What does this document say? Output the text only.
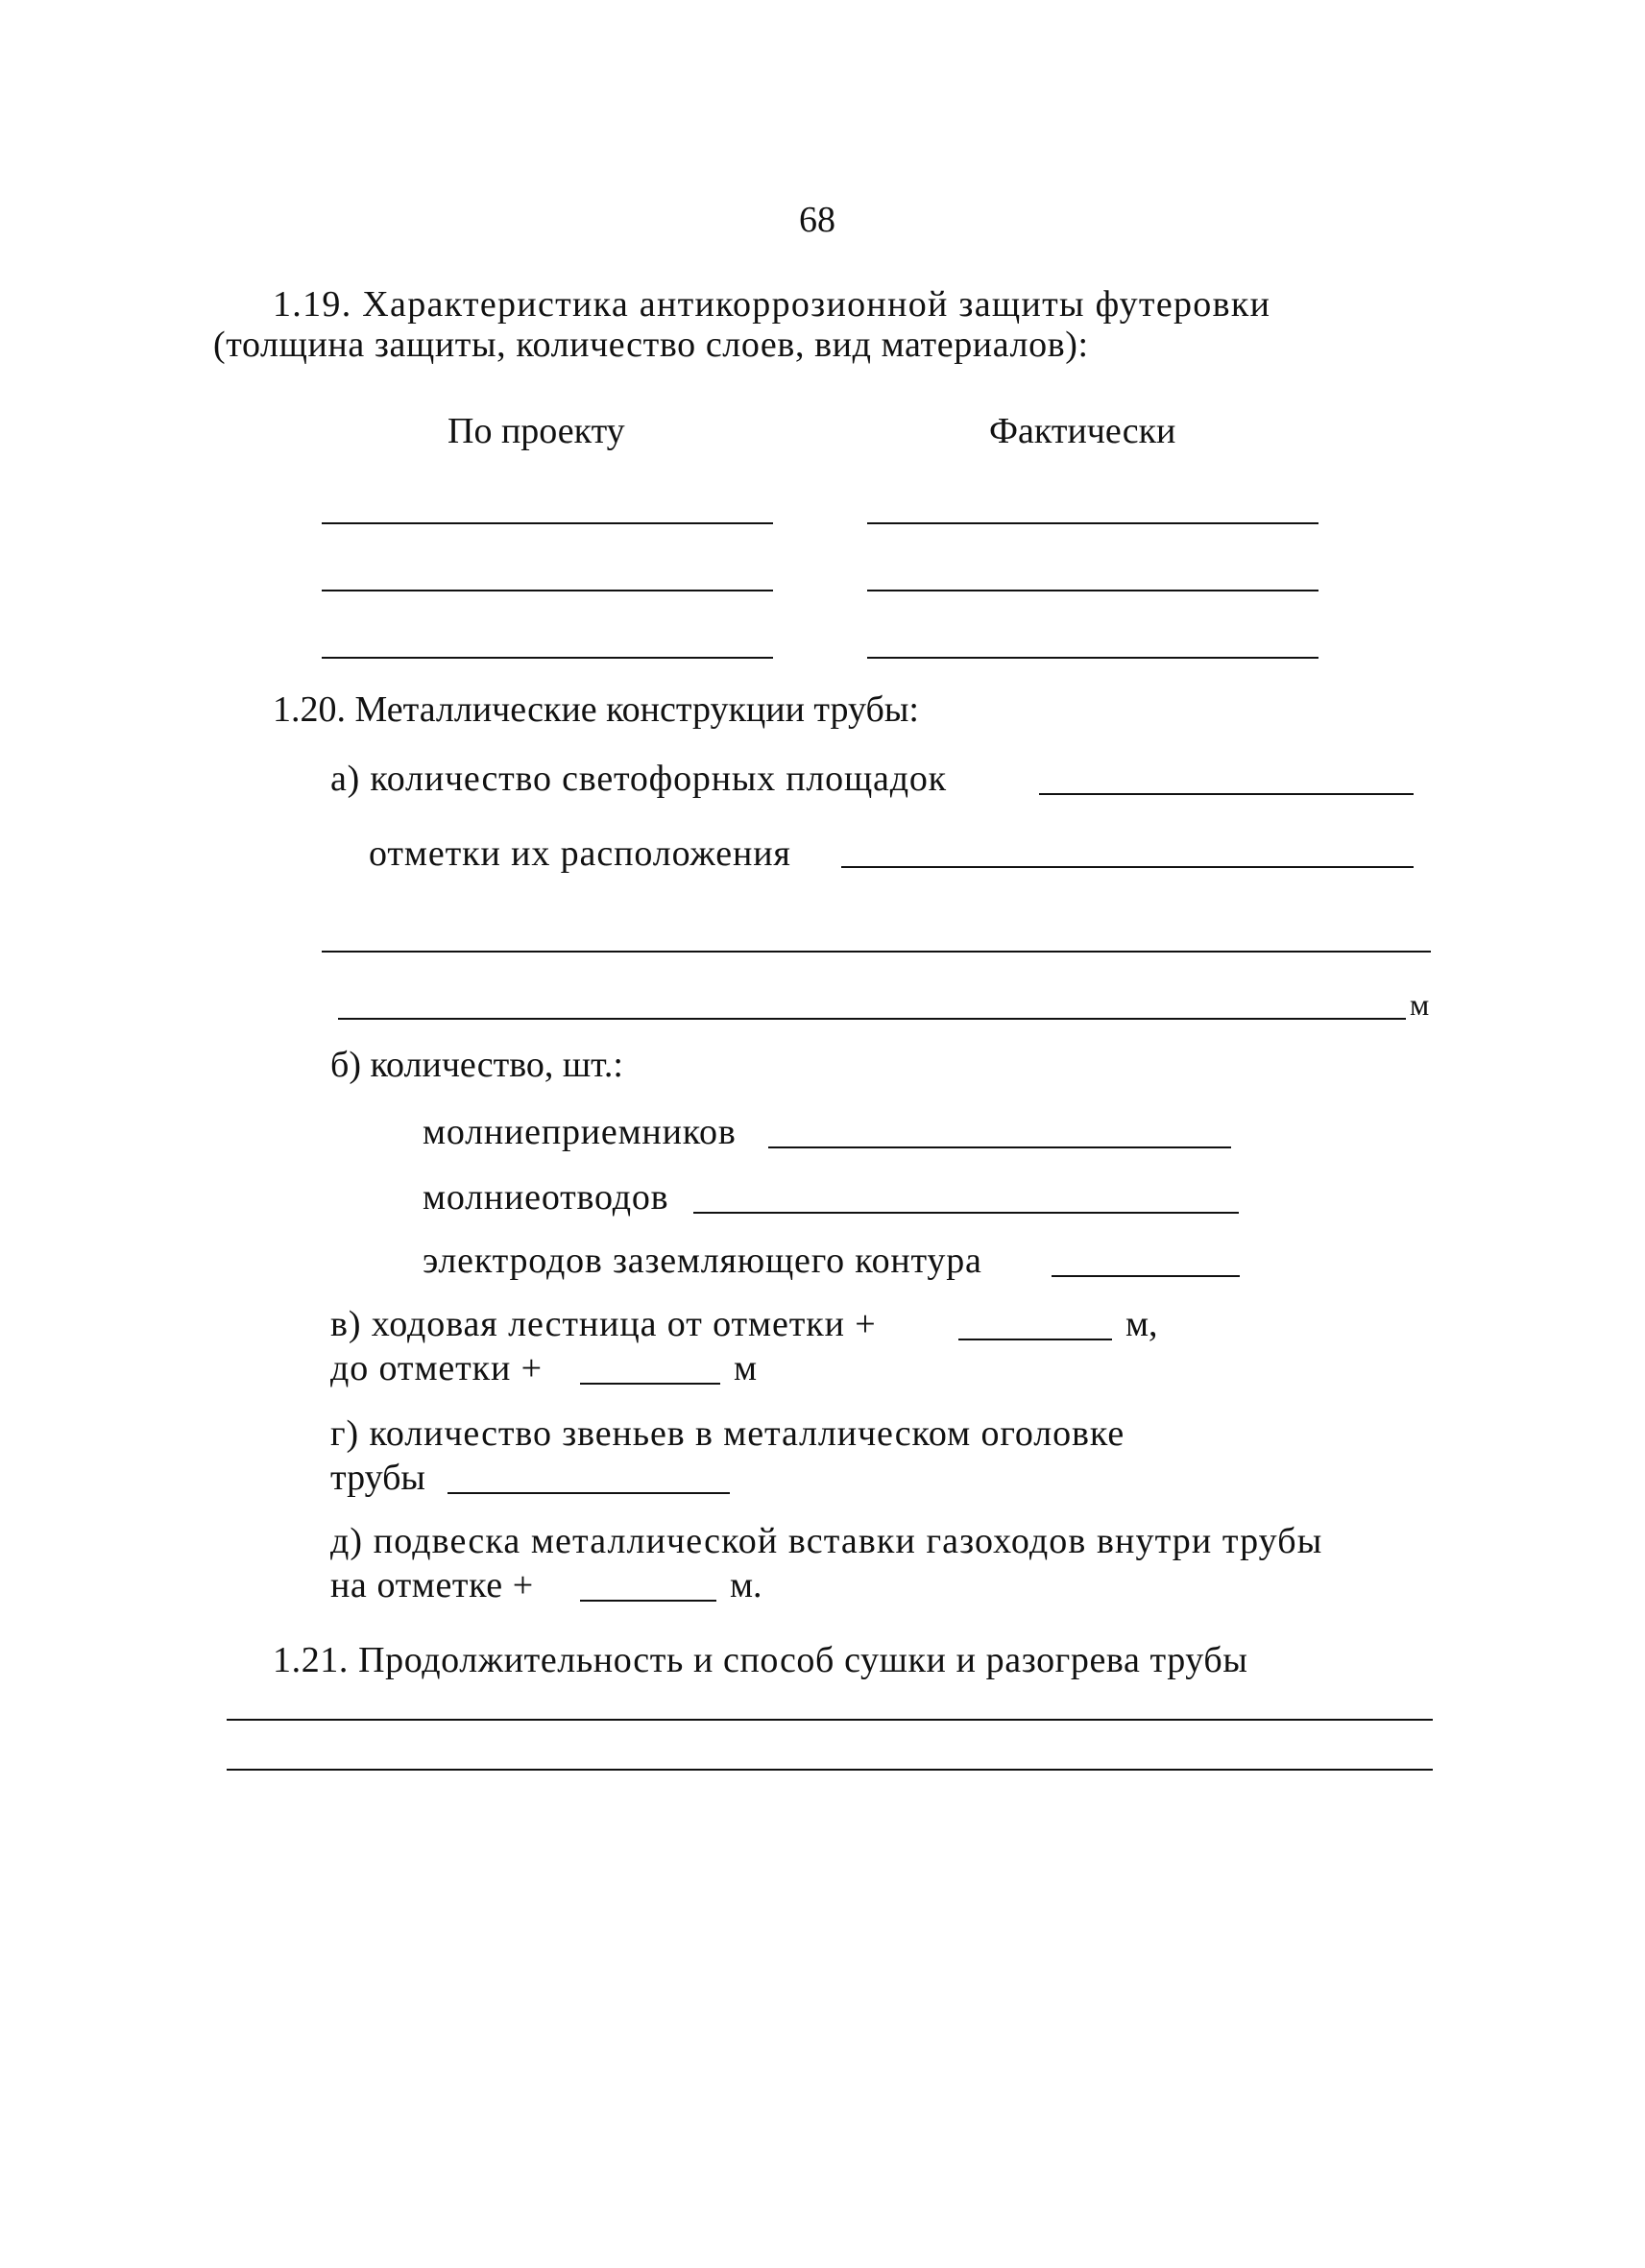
68
1.19. Характеристика антикоррозионной защиты футеровки
(толщина защиты, количество слоев, вид материалов):
По проекту	Фактически
1.20. Металлические конструкции трубы:
а) количество светофорных площадок
отметки их расположения
м
б) количество, шт.:
молниеприемников
молниеотводов
электродов заземляющего контура
в) ходовая лестница от отметки +	м,
до отметки +	м
г) количество звеньев в металлическом оголовке
трубы
д) подвеска металлической вставки газоходов внутри трубы
на отметке +	м.
1.21. Продолжительность и способ сушки и разогрева трубы
